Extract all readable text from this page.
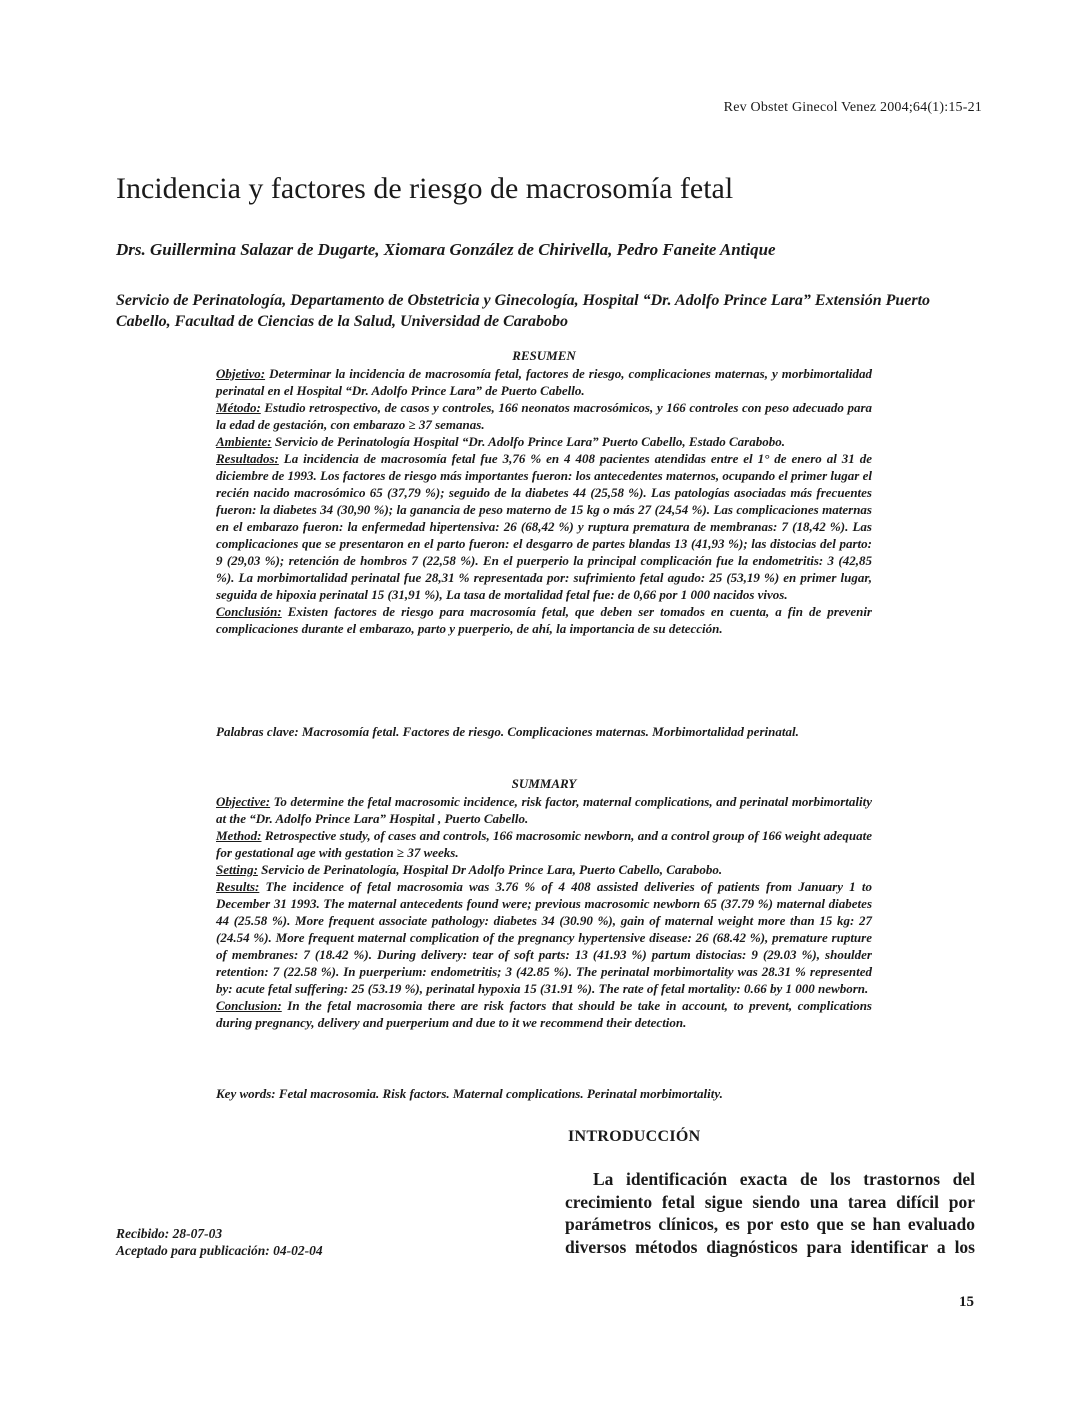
Rev Obstet Ginecol Venez 2004;64(1):15-21
Incidencia y factores de riesgo de macrosomía fetal
Drs. Guillermina Salazar de Dugarte, Xiomara González de Chirivella, Pedro Faneite Antique
Servicio de Perinatología, Departamento de Obstetricia y Ginecología, Hospital “Dr. Adolfo Prince Lara” Extensión Puerto Cabello, Facultad de Ciencias de la Salud, Universidad de Carabobo
RESUMEN

Objetivo: Determinar la incidencia de macrosomía fetal, factores de riesgo, complicaciones maternas, y morbimortalidad perinatal en el Hospital “Dr. Adolfo Prince Lara” de Puerto Cabello.

Método: Estudio retrospectivo, de casos y controles, 166 neonatos macrosómicos, y 166 controles con peso adecuado para la edad de gestación, con embarazo ≥ 37 semanas.

Ambiente: Servicio de Perinatología Hospital “Dr. Adolfo Prince Lara” Puerto Cabello, Estado Carabobo.

Resultados: La incidencia de macrosomía fetal fue 3,76 % en 4 408 pacientes atendidas entre el 1° de enero al 31 de diciembre de 1993. Los factores de riesgo más importantes fueron: los antecedentes maternos, ocupando el primer lugar el recién nacido macrosómico 65 (37,79 %); seguido de la diabetes 44 (25,58 %). Las patologías asociadas más frecuentes fueron: la diabetes 34 (30,90 %); la ganancia de peso materno de 15 kg o más 27 (24,54 %). Las complicaciones maternas en el embarazo fueron: la enfermedad hipertensiva: 26 (68,42 %) y ruptura prematura de membranas: 7 (18,42 %). Las complicaciones que se presentaron en el parto fueron: el desgarro de partes blandas 13 (41,93 %); las distocias del parto: 9 (29,03 %); retención de hombros 7 (22,58 %). En el puerperio la principal complicación fue la endometritis: 3 (42,85 %). La morbimortalidad perinatal fue 28,31 % representada por: sufrimiento fetal agudo: 25 (53,19 %) en primer lugar, seguida de hipoxia perinatal 15 (31,91 %), La tasa de mortalidad fetal fue: de 0,66 por 1 000 nacidos vivos.

Conclusión: Existen factores de riesgo para macrosomía fetal, que deben ser tomados en cuenta, a fin de prevenir complicaciones durante el embarazo, parto y puerperio, de ahí, la importancia de su detección.

Palabras clave: Macrosomía fetal. Factores de riesgo. Complicaciones maternas. Morbimortalidad perinatal.

SUMMARY

Objective: To determine the fetal macrosomic incidence, risk factor, maternal complications, and perinatal morbimortality at the “Dr. Adolfo Prince Lara” Hospital , Puerto Cabello.

Method: Retrospective study, of cases and controls, 166 macrosomic newborn, and a control group of 166 weight adequate for gestational age with gestation ≥ 37 weeks.

Setting: Servicio de Perinatología, Hospital Dr Adolfo Prince Lara, Puerto Cabello, Carabobo.

Results: The incidence of fetal macrosomia was 3.76 % of 4 408 assisted deliveries of patients from January 1 to December 31 1993. The maternal antecedents found were; previous macrosomic newborn 65 (37.79 %) maternal diabetes 44 (25.58 %). More frequent associate pathology: diabetes 34 (30.90 %), gain of maternal weight more than 15 kg: 27 (24.54 %). More frequent maternal complication of the pregnancy hypertensive disease: 26 (68.42 %), premature rupture of membranes: 7 (18.42 %). During delivery: tear of soft parts: 13 (41.93 %) partum distocias: 9 (29.03 %), shoulder retention: 7 (22.58 %). In puerperium: endometritis; 3 (42.85 %). The perinatal morbimortality was 28.31 % represented by: acute fetal suffering: 25 (53.19 %), perinatal hypoxia 15 (31.91 %). The rate of fetal mortality: 0.66 by 1 000 newborn.

Conclusion: In the fetal macrosomia there are risk factors that should be take in account, to prevent, complications during pregnancy, delivery and puerperium and due to it we recommend their detection.

Key words: Fetal macrosomia. Risk factors. Maternal complications. Perinatal morbimortality.

INTRODUCCIÓN

La identificación exacta de los trastornos del crecimiento fetal sigue siendo una tarea difícil por parámetros clínicos, es por esto que se han evaluado diversos métodos diagnósticos para identificar a los

Recibido: 28-07-03
Aceptado para publicación: 04-02-04
15
